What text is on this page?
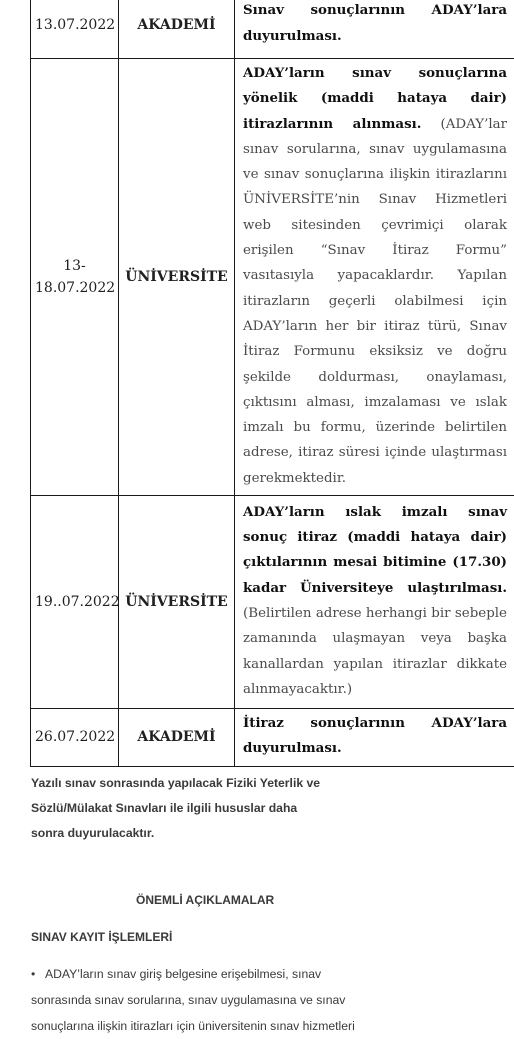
13.07.2022	AKADEMİ	Sınav sonuçlarının ADAY’lara duyurulması.
13-18.07.2022	ÜNİVERSİTE	ADAY’ların sınav sonuçlarına yönelik (maddi hataya dair) itirazlarının alınması. (ADAY’lar sınav sorularına, sınav uygulamasına ve sınav sonuçlarına ilişkin itirazlarını ÜNİVERSİTE’nin Sınav Hizmetleri web sitesinden çevrimiçi olarak erişilen “Sınav İtiraz Formu” vasıtasıyla yapacaklardır. Yapılan itirazların geçerli olabilmesi için ADAY’ların her bir itiraz türü, Sınav İtiraz Formunu eksiksiz ve doğru şekilde doldurması, onaylaması, çıktısını alması, imzalaması ve ıslak imzalı bu formu, üzerinde belirtilen adrese, itiraz süresi içinde ulaştırması gerekmektedir.
19..07.2022	ÜNİVERSİTE	ADAY’ların ıslak imzalı sınav sonuç itiraz (maddi hataya dair) çıktılarının mesai bitimine (17.30) kadar Üniversiteye ulaştırılması. (Belirtilen adrese herhangi bir sebeple zamanında ulaşmayan veya başka kanallardan yapılan itirazlar dikkate alınmayacaktır.)
26.07.2022	AKADEMİ	İtiraz sonuçlarının ADAY’lara duyurulması.
Yazılı sınav sonrasında yapılacak Fiziki Yeterlik ve Sözlü/Mülakat Sınavları ile ilgili hususlar daha sonra duyurulacaktır.
ÖNEMLİ AÇIKLAMALAR
SINAV KAYIT İŞLEMLERİ
• ADAY’ların sınav giriş belgesine erişebilmesi, sınav sonrasında sınav sorularına, sınav uygulamasına ve sınav sonuçlarına ilişkin itirazları için üniversitenin sınav hizmetleri
